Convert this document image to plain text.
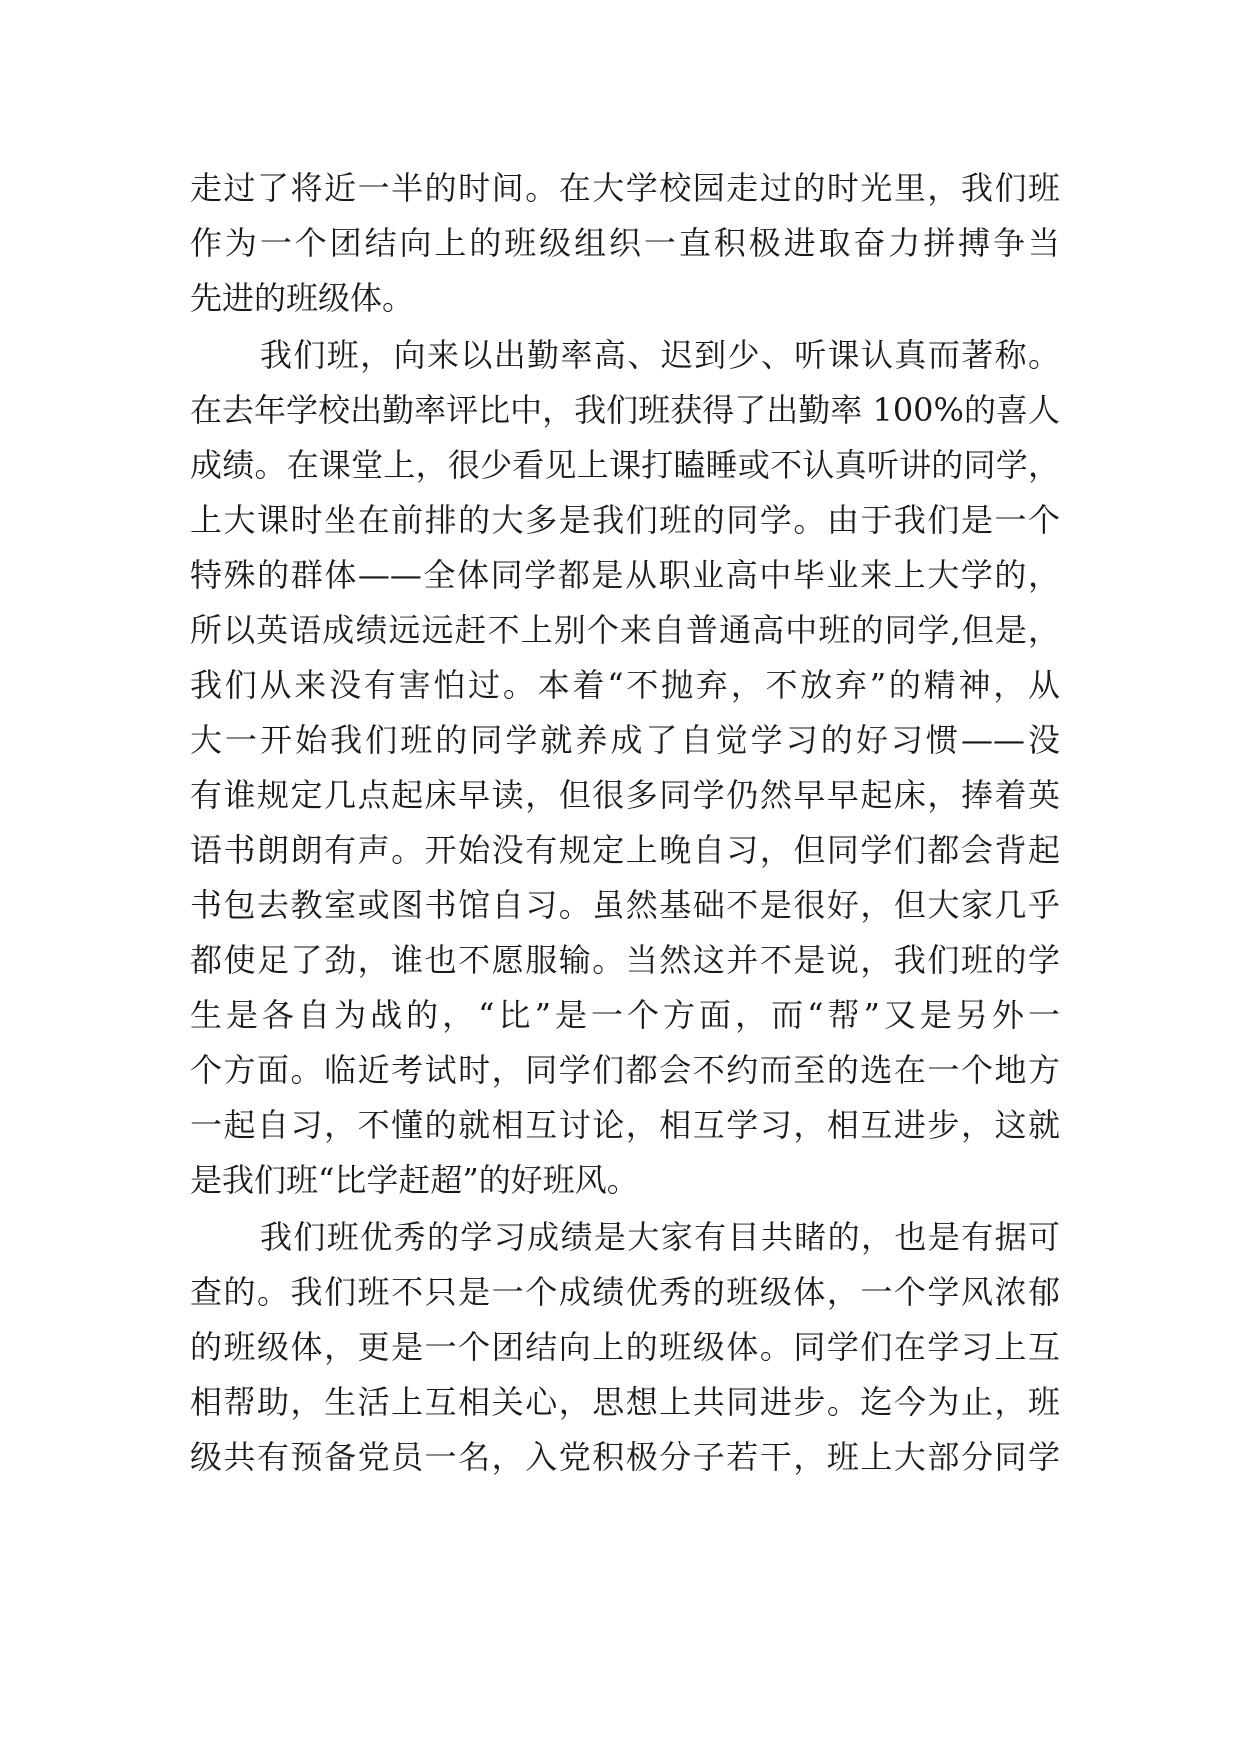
走过了将近一半的时间。在大学校园走过的时光里，我们班
作为一个团结向上的班级组织一直积极进取奋力拼搏争当
先进的班级体。
我们班，向来以出勤率高、迟到少、听课认真而著称。
在去年学校出勤率评比中，我们班获得了出勤率 100%的喜人
成绩。在课堂上，很少看见上课打瞌睡或不认真听讲的同学，
上大课时坐在前排的大多是我们班的同学。由于我们是一个
特殊的群体——全体同学都是从职业高中毕业来上大学的，
所以英语成绩远远赶不上别个来自普通高中班的同学,但是，
我们从来没有害怕过。本着“不抛弃，不放弃”的精神，从
大一开始我们班的同学就养成了自觉学习的好习惯——没
有谁规定几点起床早读，但很多同学仍然早早起床，捧着英
语书朗朗有声。开始没有规定上晚自习，但同学们都会背起
书包去教室或图书馆自习。虽然基础不是很好，但大家几乎
都使足了劲，谁也不愿服输。当然这并不是说，我们班的学
生是各自为战的，“比”是一个方面，而“帮”又是另外一
个方面。临近考试时，同学们都会不约而至的选在一个地方
一起自习，不懂的就相互讨论，相互学习，相互进步，这就
是我们班“比学赶超”的好班风。
我们班优秀的学习成绩是大家有目共睹的，也是有据可
查的。我们班不只是一个成绩优秀的班级体，一个学风浓郁
的班级体，更是一个团结向上的班级体。同学们在学习上互
相帮助，生活上互相关心，思想上共同进步。迄今为止，班
级共有预备党员一名，入党积极分子若干，班上大部分同学
